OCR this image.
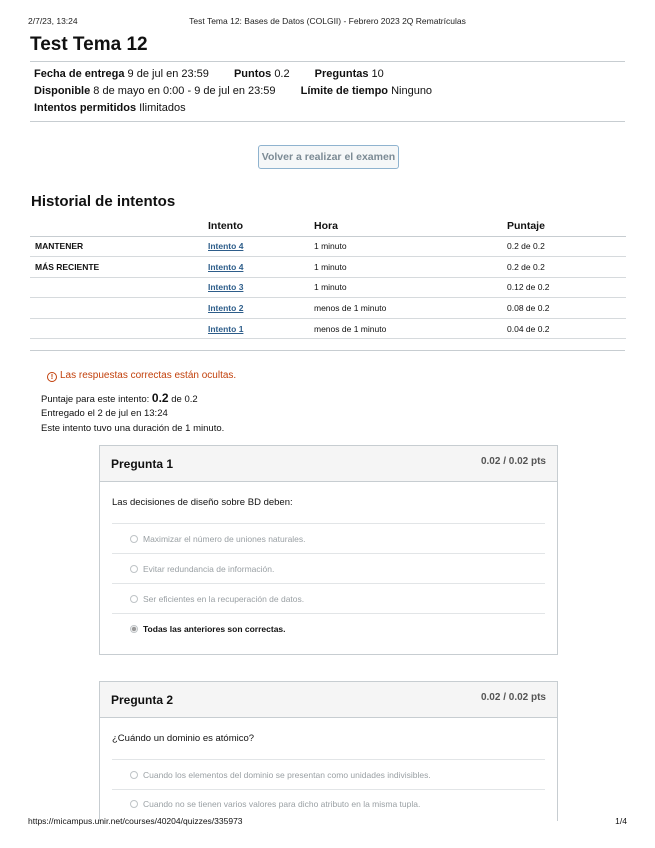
2/7/23, 13:24	Test Tema 12: Bases de Datos (COLGII) - Febrero 2023 2Q Rematrículas
Test Tema 12
Fecha de entrega 9 de jul en 23:59 Puntos 0.2 Preguntas 10
Disponible 8 de mayo en 0:00 - 9 de jul en 23:59 Límite de tiempo Ninguno
Intentos permitidos Ilimitados
Volver a realizar el examen
Historial de intentos
	Intento	Hora	Puntaje
MANTENER	Intento 4	1 minuto	0.2 de 0.2
MÁS RECIENTE	Intento 4	1 minuto	0.2 de 0.2
	Intento 3	1 minuto	0.12 de 0.2
	Intento 2	menos de 1 minuto	0.08 de 0.2
	Intento 1	menos de 1 minuto	0.04 de 0.2
! Las respuestas correctas están ocultas.
Puntaje para este intento: 0.2 de 0.2
Entregado el 2 de jul en 13:24
Este intento tuvo una duración de 1 minuto.
Pregunta 1	0.02 / 0.02 pts
Las decisiones de diseño sobre BD deben:
Maximizar el número de uniones naturales.
Evitar redundancia de información.
Ser eficientes en la recuperación de datos.
Todas las anteriores son correctas.
Pregunta 2	0.02 / 0.02 pts
¿Cuándo un dominio es atómico?
Cuando los elementos del dominio se presentan como unidades indivisibles.
Cuando no se tienen varios valores para dicho atributo en la misma tupla.
https://micampus.unir.net/courses/40204/quizzes/335973	1/4
